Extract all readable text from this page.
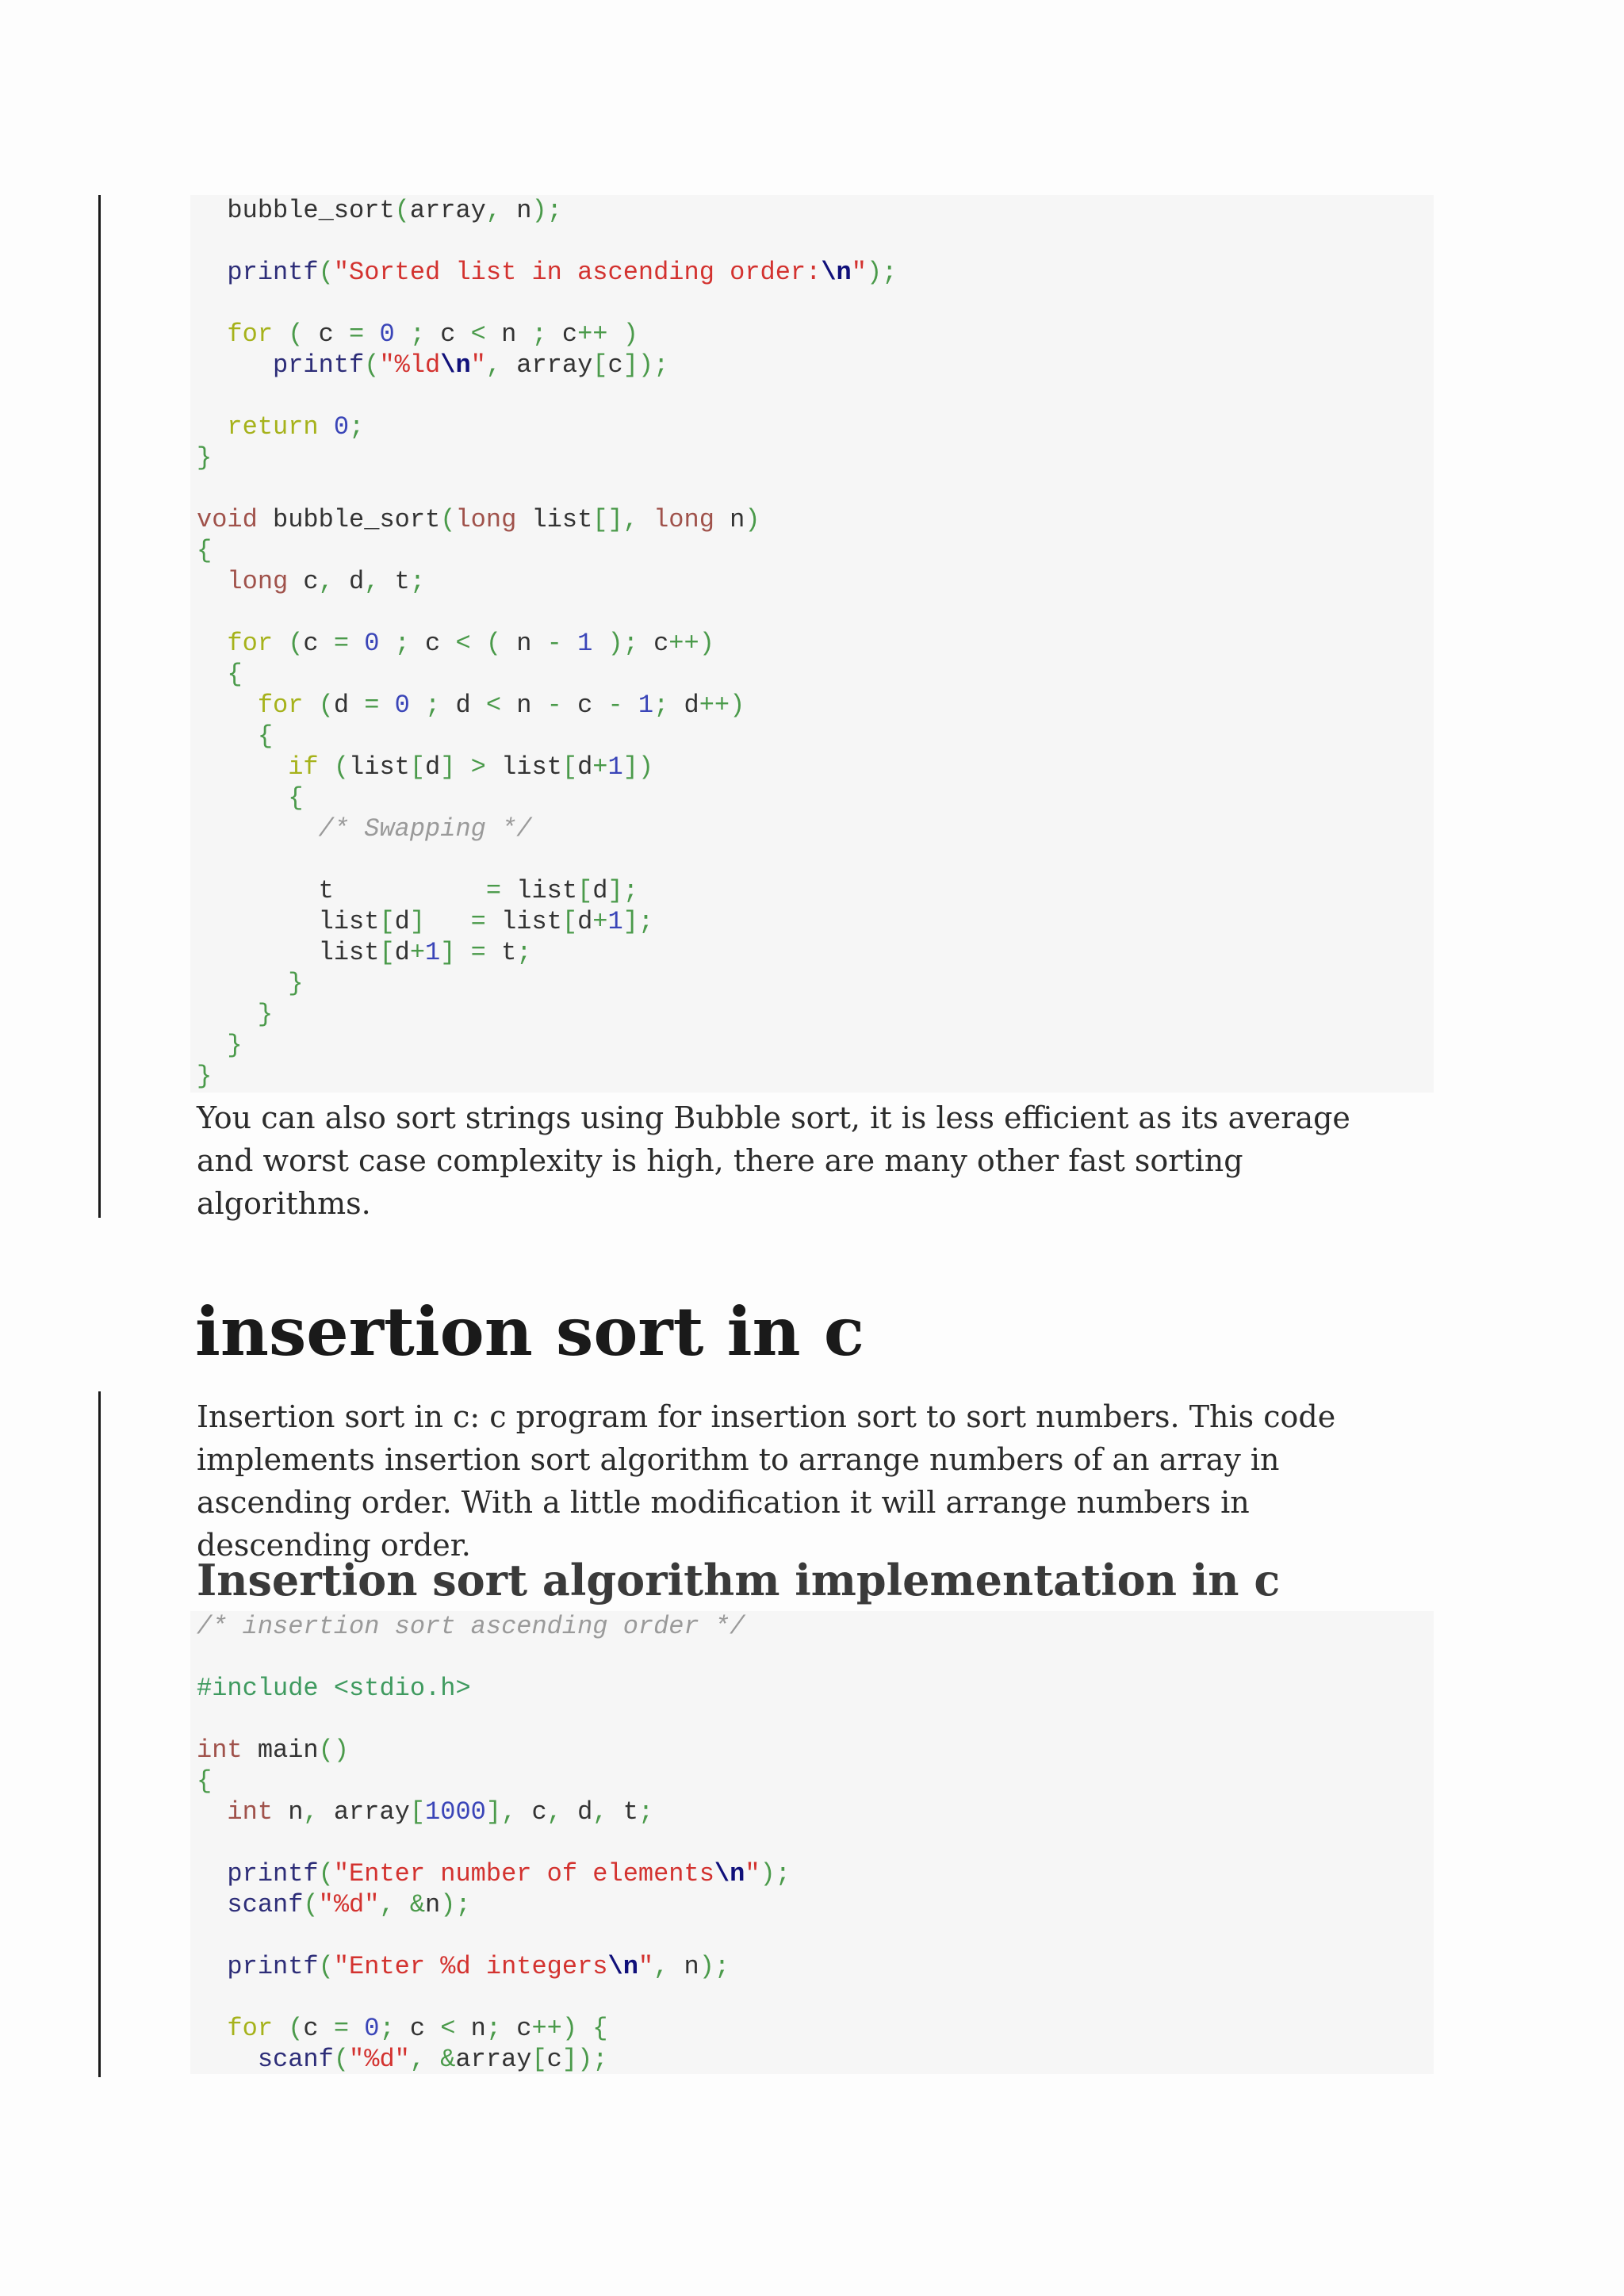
bubble_sort(array, n);

printf("Sorted list in ascending order:\n");

for ( c = 0 ; c < n ; c++ )
printf("%ld\n", array[c]);

return 0;
}

void bubble_sort(long list[], long n)
{
long c, d, t;

for (c = 0 ; c < ( n - 1 ); c++)
{
for (d = 0 ; d < n - c - 1; d++)
{
if (list[d] > list[d+1])
{
/* Swapping */

t          = list[d];
list[d]   = list[d+1];
list[d+1] = t;
}
}
}
}

You can also sort strings using Bubble sort, it is less efficient as its average and worst case complexity is high, there are many other fast sorting algorithms.

insertion sort in c

Insertion sort in c: c program for insertion sort to sort numbers. This code implements insertion sort algorithm to arrange numbers of an array in ascending order. With a little modification it will arrange numbers in descending order.

Insertion sort algorithm implementation in c
/* insertion sort ascending order */

#include <stdio.h>

int main()
{
int n, array[1000], c, d, t;

printf("Enter number of elements\n");
scanf("%d", &n);

printf("Enter %d integers\n", n);

for (c = 0; c < n; c++) {
scanf("%d", &array[c]);
